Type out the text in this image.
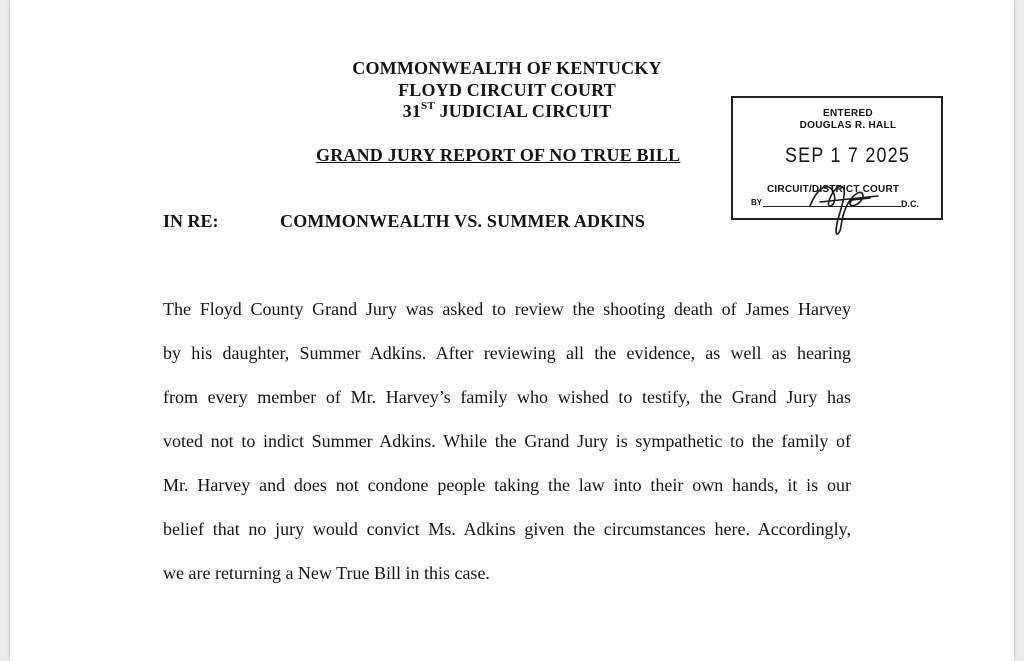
COMMONWEALTH OF KENTUCKY
FLOYD CIRCUIT COURT
31ST JUDICIAL CIRCUIT
GRAND JURY REPORT OF NO TRUE BILL
ENTERED
DOUGLAS R. HALL
SEP 1 7 2025
CIRCUIT/DISTRICT COURT
BY	D.C.
IN RE:	COMMONWEALTH VS. SUMMER ADKINS
The Floyd County Grand Jury was asked to review the shooting death of James Harvey
by his daughter, Summer Adkins. After reviewing all the evidence, as well as hearing
from every member of Mr. Harvey’s family who wished to testify, the Grand Jury has
voted not to indict Summer Adkins. While the Grand Jury is sympathetic to the family of
Mr. Harvey and does not condone people taking the law into their own hands, it is our
belief that no jury would convict Ms. Adkins given the circumstances here. Accordingly,
we are returning a New True Bill in this case.
